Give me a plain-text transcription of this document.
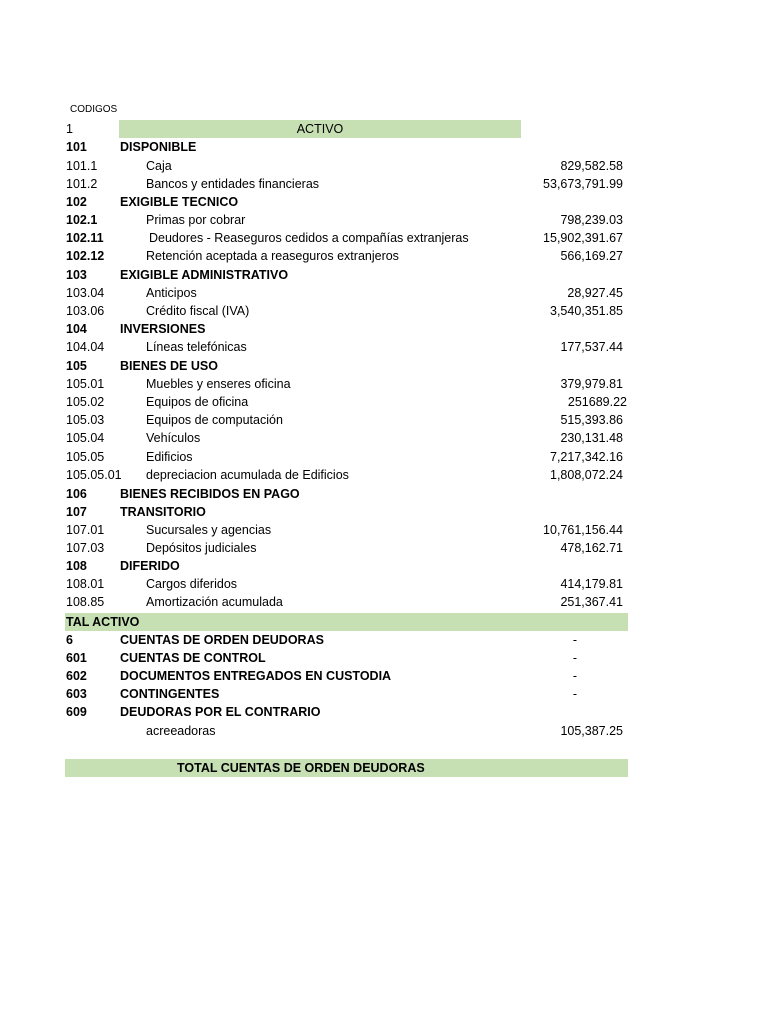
CODIGOS
1	ACTIVO
101	DISPONIBLE
101.1	Caja	829,582.58
101.2	Bancos y entidades financieras	53,673,791.99
102	EXIGIBLE TECNICO
102.1	Primas por cobrar	798,239.03
102.11	Deudores - Reaseguros cedidos a compañías extranjeras	15,902,391.67
102.12	Retención aceptada a reaseguros extranjeros	566,169.27
103	EXIGIBLE ADMINISTRATIVO
103.04	Anticipos	28,927.45
103.06	Crédito fiscal (IVA)	3,540,351.85
104	INVERSIONES
104.04	Líneas telefónicas	177,537.44
105	BIENES DE USO
105.01	Muebles y enseres oficina	379,979.81
105.02	Equipos de oficina	251689.22
105.03	Equipos de computación	515,393.86
105.04	Vehículos	230,131.48
105.05	Edificios	7,217,342.16
105.05.01 depreciacion acumulada de Edificios	1,808,072.24
106	BIENES RECIBIDOS EN PAGO
107	TRANSITORIO
107.01	Sucursales y agencias	10,761,156.44
107.03	Depósitos judiciales	478,162.71
108	DIFERIDO
108.01	Cargos diferidos	414,179.81
108.85	Amortización acumulada	251,367.41
TAL ACTIVO
6	CUENTAS DE ORDEN DEUDORAS	-
601	CUENTAS DE CONTROL	-
602	DOCUMENTOS ENTREGADOS EN CUSTODIA	-
603	CONTINGENTES	-
609	DEUDORAS POR EL CONTRARIO
acreeadoras	105,387.25
TOTAL CUENTAS DE ORDEN DEUDORAS
